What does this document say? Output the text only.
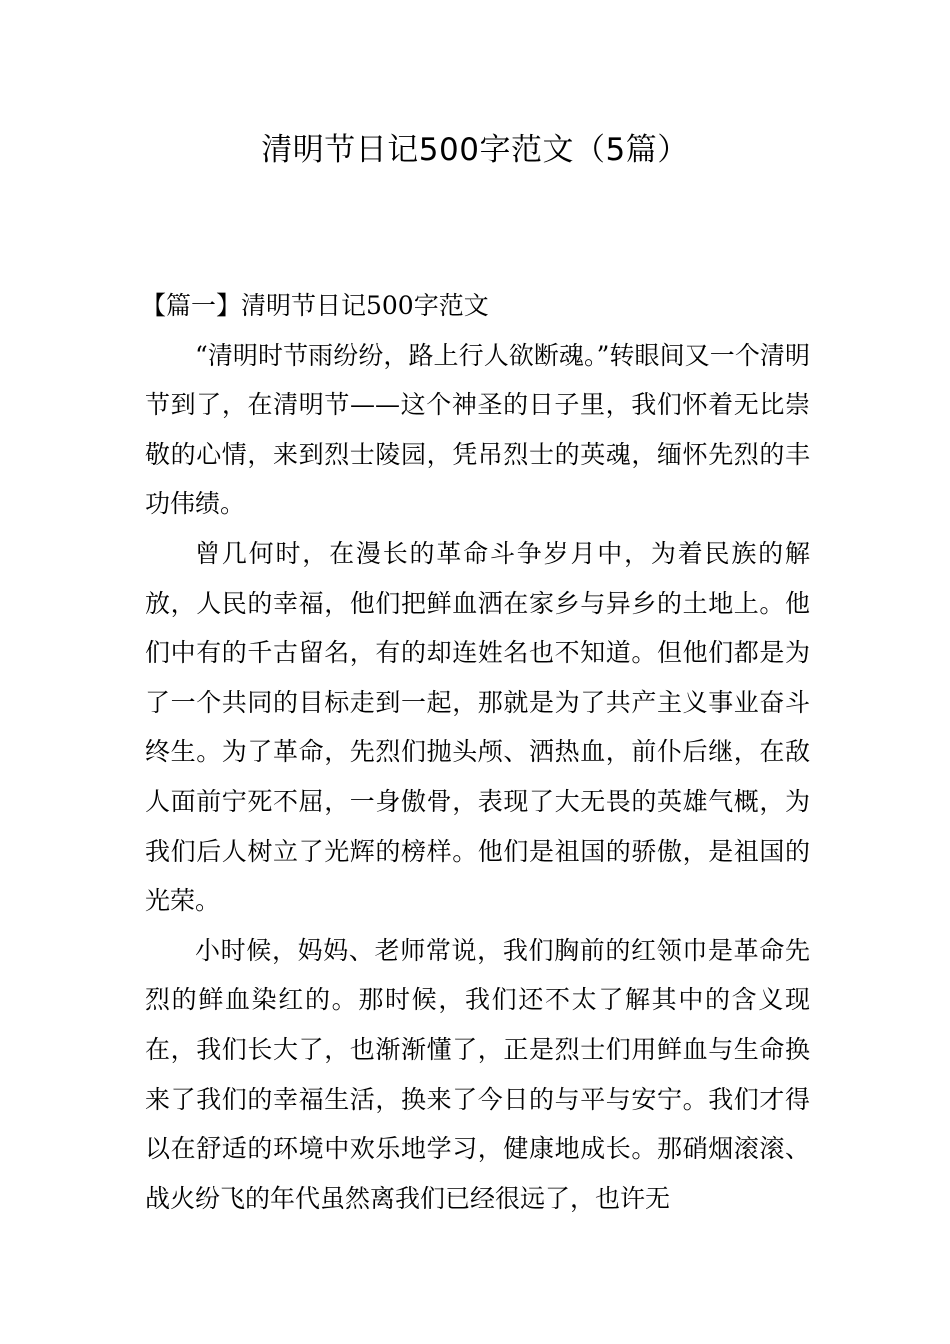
清明节日记500字范文（5篇）
【篇一】清明节日记500字范文

“清明时节雨纷纷，路上行人欲断魂。”转眼间又一个清明节到了，在清明节——这个神圣的日子里，我们怀着无比崇敬的心情，来到烈士陵园，凭吊烈士的英魂，缅怀先烈的丰功伟绩。

曾几何时，在漫长的革命斗争岁月中，为着民族的解放，人民的幸福，他们把鲜血洒在家乡与异乡的土地上。他们中有的千古留名，有的却连姓名也不知道。但他们都是为了一个共同的目标走到一起，那就是为了共产主义事业奋斗终生。为了革命，先烈们抛头颅、洒热血，前仆后继，在敌人面前宁死不屈，一身傲骨，表现了大无畏的英雄气概，为我们后人树立了光辉的榜样。他们是祖国的骄傲，是祖国的光荣。

小时候，妈妈、老师常说，我们胸前的红领巾是革命先烈的鲜血染红的。那时候，我们还不太了解其中的含义现在，我们长大了，也渐渐懂了，正是烈士们用鲜血与生命换来了我们的幸福生活，换来了今日的与平与安宁。我们才得以在舒适的环境中欢乐地学习，健康地成长。那硝烟滚滚、战火纷飞的年代虽然离我们已经很远了，也许无
